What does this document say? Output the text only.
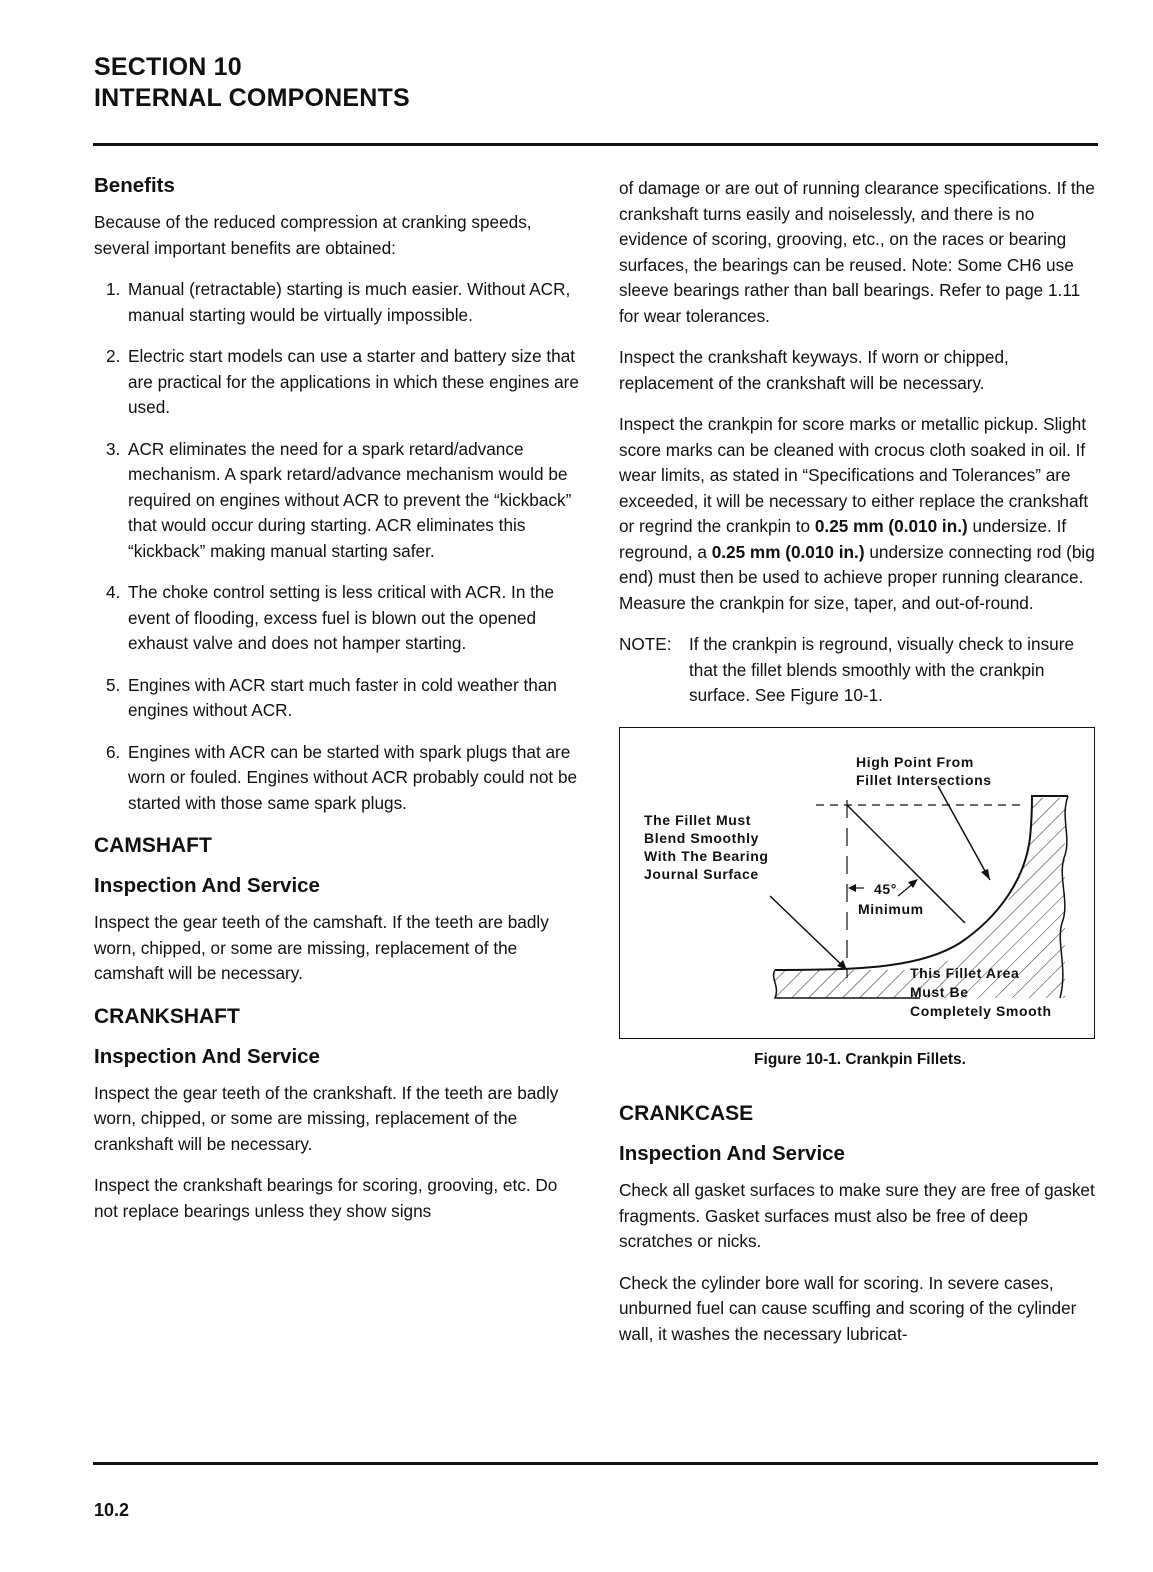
SECTION 10
INTERNAL COMPONENTS
Benefits

Because of the reduced compression at cranking speeds, several important benefits are obtained:

1. Manual (retractable) starting is much easier. Without ACR, manual starting would be virtually impossible.
2. Electric start models can use a starter and battery size that are practical for the applications in which these engines are used.
3. ACR eliminates the need for a spark retard/advance mechanism. A spark retard/advance mechanism would be required on engines without ACR to prevent the “kickback” that would occur during starting. ACR eliminates this “kickback” making manual starting safer.
4. The choke control setting is less critical with ACR. In the event of flooding, excess fuel is blown out the opened exhaust valve and does not hamper starting.
5. Engines with ACR start much faster in cold weather than engines without ACR.
6. Engines with ACR can be started with spark plugs that are worn or fouled. Engines without ACR probably could not be started with those same spark plugs.
CAMSHAFT
Inspection And Service

Inspect the gear teeth of the camshaft. If the teeth are badly worn, chipped, or some are missing, replacement of the camshaft will be necessary.

CRANKSHAFT
Inspection And Service

Inspect the gear teeth of the crankshaft. If the teeth are badly worn, chipped, or some are missing, replacement of the crankshaft will be necessary.

Inspect the crankshaft bearings for scoring, grooving, etc. Do not replace bearings unless they show signs

of damage or are out of running clearance specifications. If the crankshaft turns easily and noiselessly, and there is no evidence of scoring, grooving, etc., on the races or bearing surfaces, the bearings can be reused. Note: Some CH6 use sleeve bearings rather than ball bearings. Refer to page 1.11 for wear tolerances.

Inspect the crankshaft keyways. If worn or chipped, replacement of the crankshaft will be necessary.

Inspect the crankpin for score marks or metallic pickup. Slight score marks can be cleaned with crocus cloth soaked in oil. If wear limits, as stated in “Specifications and Tolerances” are exceeded, it will be necessary to either replace the crankshaft or regrind the crankpin to 0.25 mm (0.010 in.) undersize. If reground, a 0.25 mm (0.010 in.) undersize connecting rod (big end) must then be used to achieve proper running clearance. Measure the crankpin for size, taper, and out-of-round.

NOTE:	If the crankpin is reground, visually check to insure that the fillet blends smoothly with the crankpin surface. See Figure 10-1.
High Point From
Fillet Intersections
The Fillet Must
Blend Smoothly
With The Bearing
Journal Surface
45°
Minimum
This Fillet Area
Must Be
Completely Smooth
Figure 10-1. Crankpin Fillets.
CRANKCASE
Inspection And Service

Check all gasket surfaces to make sure they are free of gasket fragments. Gasket surfaces must also be free of deep scratches or nicks.

Check the cylinder bore wall for scoring. In severe cases, unburned fuel can cause scuffing and scoring of the cylinder wall, it washes the necessary lubricat-

10.2
